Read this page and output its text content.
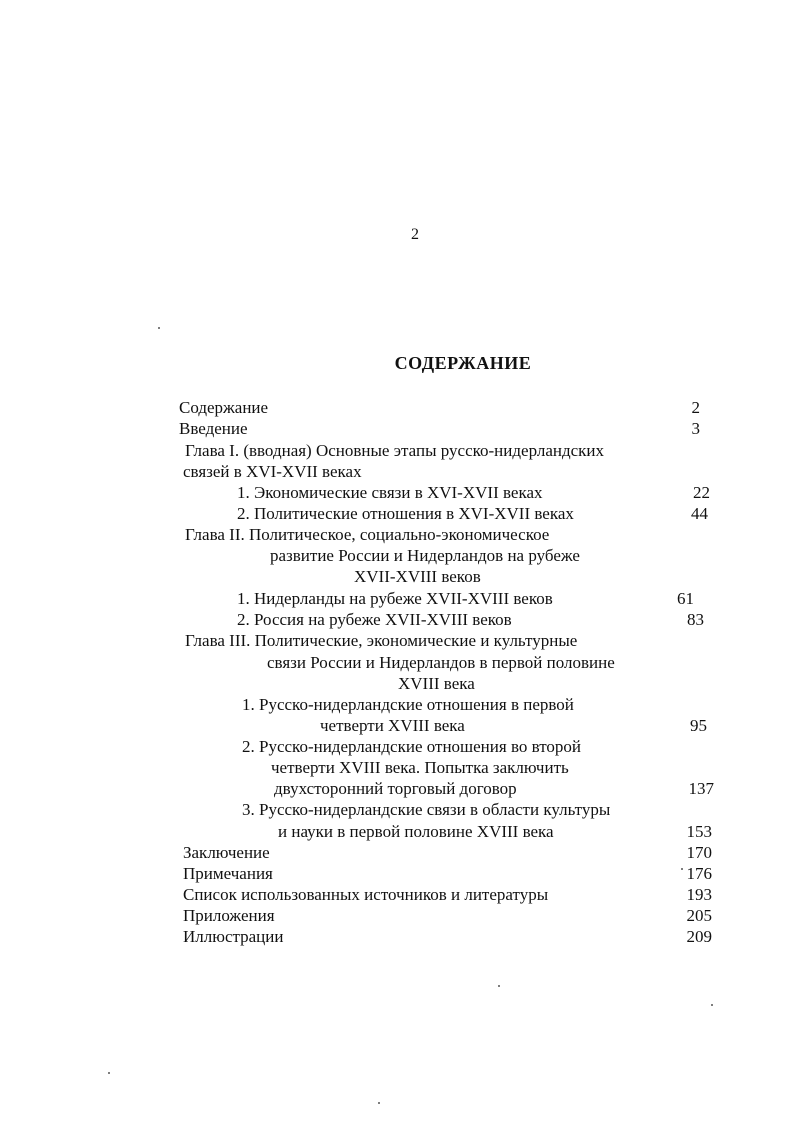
2
СОДЕРЖАНИЕ
Содержание	2
Введение	3
Глава I. (вводная) Основные этапы русско-нидерландских
связей в XVI-XVII веках
1. Экономические связи в XVI-XVII веках	22
2. Политические отношения в XVI-XVII веках	44
Глава II. Политическое, социально-экономическое
развитие России и Нидерландов на рубеже
XVII-XVIII веков
1. Нидерланды на рубеже XVII-XVIII веков	61
2. Россия на рубеже XVII-XVIII веков	83
Глава III. Политические, экономические и культурные
связи России и Нидерландов в первой половине
XVIII века
1. Русско-нидерландские отношения в первой
четверти XVIII века	95
2. Русско-нидерландские отношения во второй
четверти XVIII века. Попытка заключить
двухсторонний торговый договор	137
3. Русско-нидерландские связи в области культуры
и науки в первой половине XVIII века	153
Заключение	170
Примечания	176
Список использованных источников и литературы	193
Приложения	205
Иллюстрации	209
